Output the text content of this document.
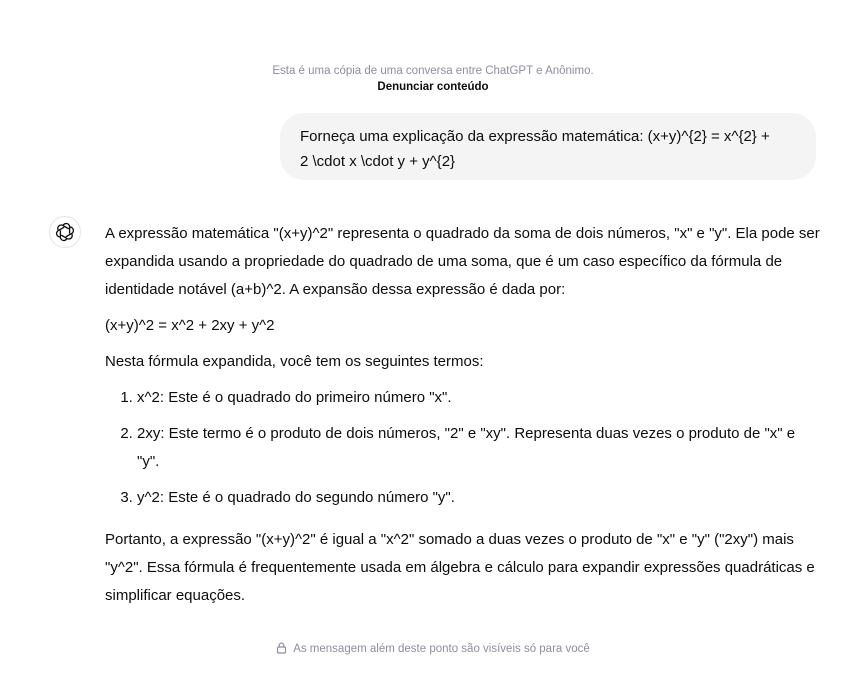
Esta é uma cópia de uma conversa entre ChatGPT e Anônimo.
Denunciar conteúdo
Forneça uma explicação da expressão matemática: (x+y)^{2} = x^{2} +
2 \cdot x \cdot y + y^{2}

A expressão matemática "(x+y)^2" representa o quadrado da soma de dois números, "x" e "y". Ela pode ser expandida usando a propriedade do quadrado de uma soma, que é um caso específico da fórmula de identidade notável (a+b)^2. A expansão dessa expressão é dada por:

(x+y)^2 = x^2 + 2xy + y^2

Nesta fórmula expandida, você tem os seguintes termos:

1. x^2: Este é o quadrado do primeiro número "x".
2. 2xy: Este termo é o produto de dois números, "2" e "xy". Representa duas vezes o produto de "x" e "y".
3. y^2: Este é o quadrado do segundo número "y".

Portanto, a expressão "(x+y)^2" é igual a "x^2" somado a duas vezes o produto de "x" e "y" ("2xy") mais "y^2". Essa fórmula é frequentemente usada em álgebra e cálculo para expandir expressões quadráticas e simplificar equações.

As mensagem além deste ponto são visíveis só para você
